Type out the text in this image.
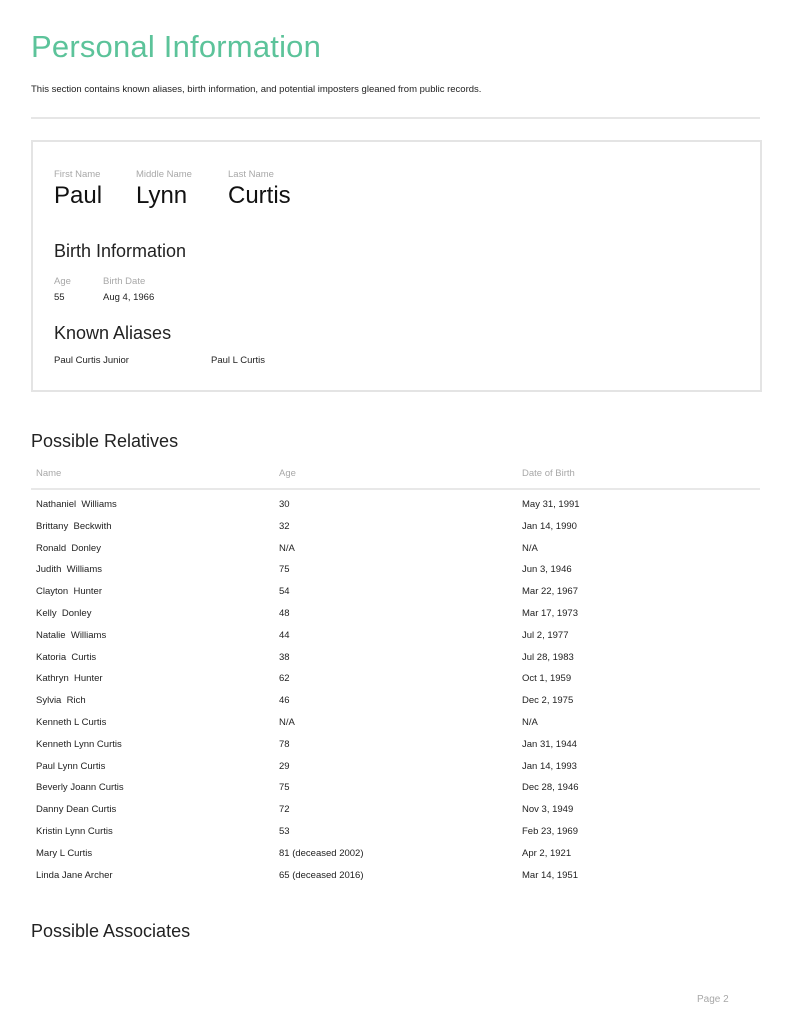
Personal Information
This section contains known aliases, birth information, and potential imposters gleaned from public records.
First Name
Paul
Middle Name
Lynn
Last Name
Curtis
Birth Information
Age
55
Birth Date
Aug 4, 1966
Known Aliases
Paul Curtis Junior	Paul L Curtis
Possible Relatives
Name	Age	Date of Birth
Nathaniel  Williams	30	May 31, 1991
Brittany  Beckwith	32	Jan 14, 1990
Ronald  Donley	N/A	N/A
Judith  Williams	75	Jun 3, 1946
Clayton  Hunter	54	Mar 22, 1967
Kelly  Donley	48	Mar 17, 1973
Natalie  Williams	44	Jul 2, 1977
Katoria  Curtis	38	Jul 28, 1983
Kathryn  Hunter	62	Oct 1, 1959
Sylvia  Rich	46	Dec 2, 1975
Kenneth L Curtis	N/A	N/A
Kenneth Lynn Curtis	78	Jan 31, 1944
Paul Lynn Curtis	29	Jan 14, 1993
Beverly Joann Curtis	75	Dec 28, 1946
Danny Dean Curtis	72	Nov 3, 1949
Kristin Lynn Curtis	53	Feb 23, 1969
Mary L Curtis	81 (deceased 2002)	Apr 2, 1921
Linda Jane Archer	65 (deceased 2016)	Mar 14, 1951
Possible Associates
Page 2
